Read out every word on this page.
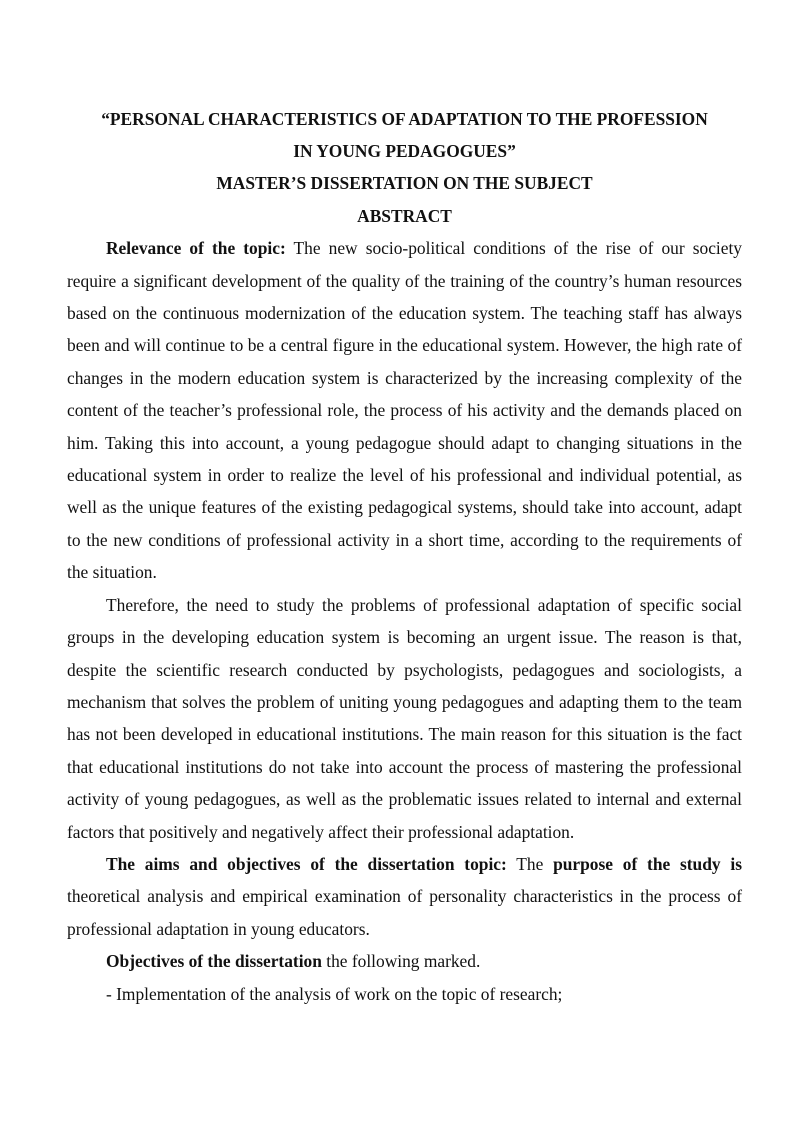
“PERSONAL CHARACTERISTICS OF ADAPTATION TO THE PROFESSION

IN YOUNG PEDAGOGUES”

MASTER’S DISSERTATION ON THE SUBJECT

ABSTRACT

Relevance of the topic: The new socio-political conditions of the rise of our society require a significant development of the quality of the training of the country’s human resources based on the continuous modernization of the education system. The teaching staff has always been and will continue to be a central figure in the educational system. However, the high rate of changes in the modern education system is characterized by the increasing complexity of the content of the teacher’s professional role, the process of his activity and the demands placed on him. Taking this into account, a young pedagogue should adapt to changing situations in the educational system in order to realize the level of his professional and individual potential, as well as the unique features of the existing pedagogical systems, should take into account, adapt to the new conditions of professional activity in a short time, according to the requirements of the situation.

Therefore, the need to study the problems of professional adaptation of specific social groups in the developing education system is becoming an urgent issue. The reason is that, despite the scientific research conducted by psychologists, pedagogues and sociologists, a mechanism that solves the problem of uniting young pedagogues and adapting them to the team has not been developed in educational institutions. The main reason for this situation is the fact that educational institutions do not take into account the process of mastering the professional activity of young pedagogues, as well as the problematic issues related to internal and external factors that positively and negatively affect their professional adaptation.

The aims and objectives of the dissertation topic: The purpose of the study is theoretical analysis and empirical examination of personality characteristics in the process of professional adaptation in young educators.

Objectives of the dissertation the following marked.

- Implementation of the analysis of work on the topic of research;
